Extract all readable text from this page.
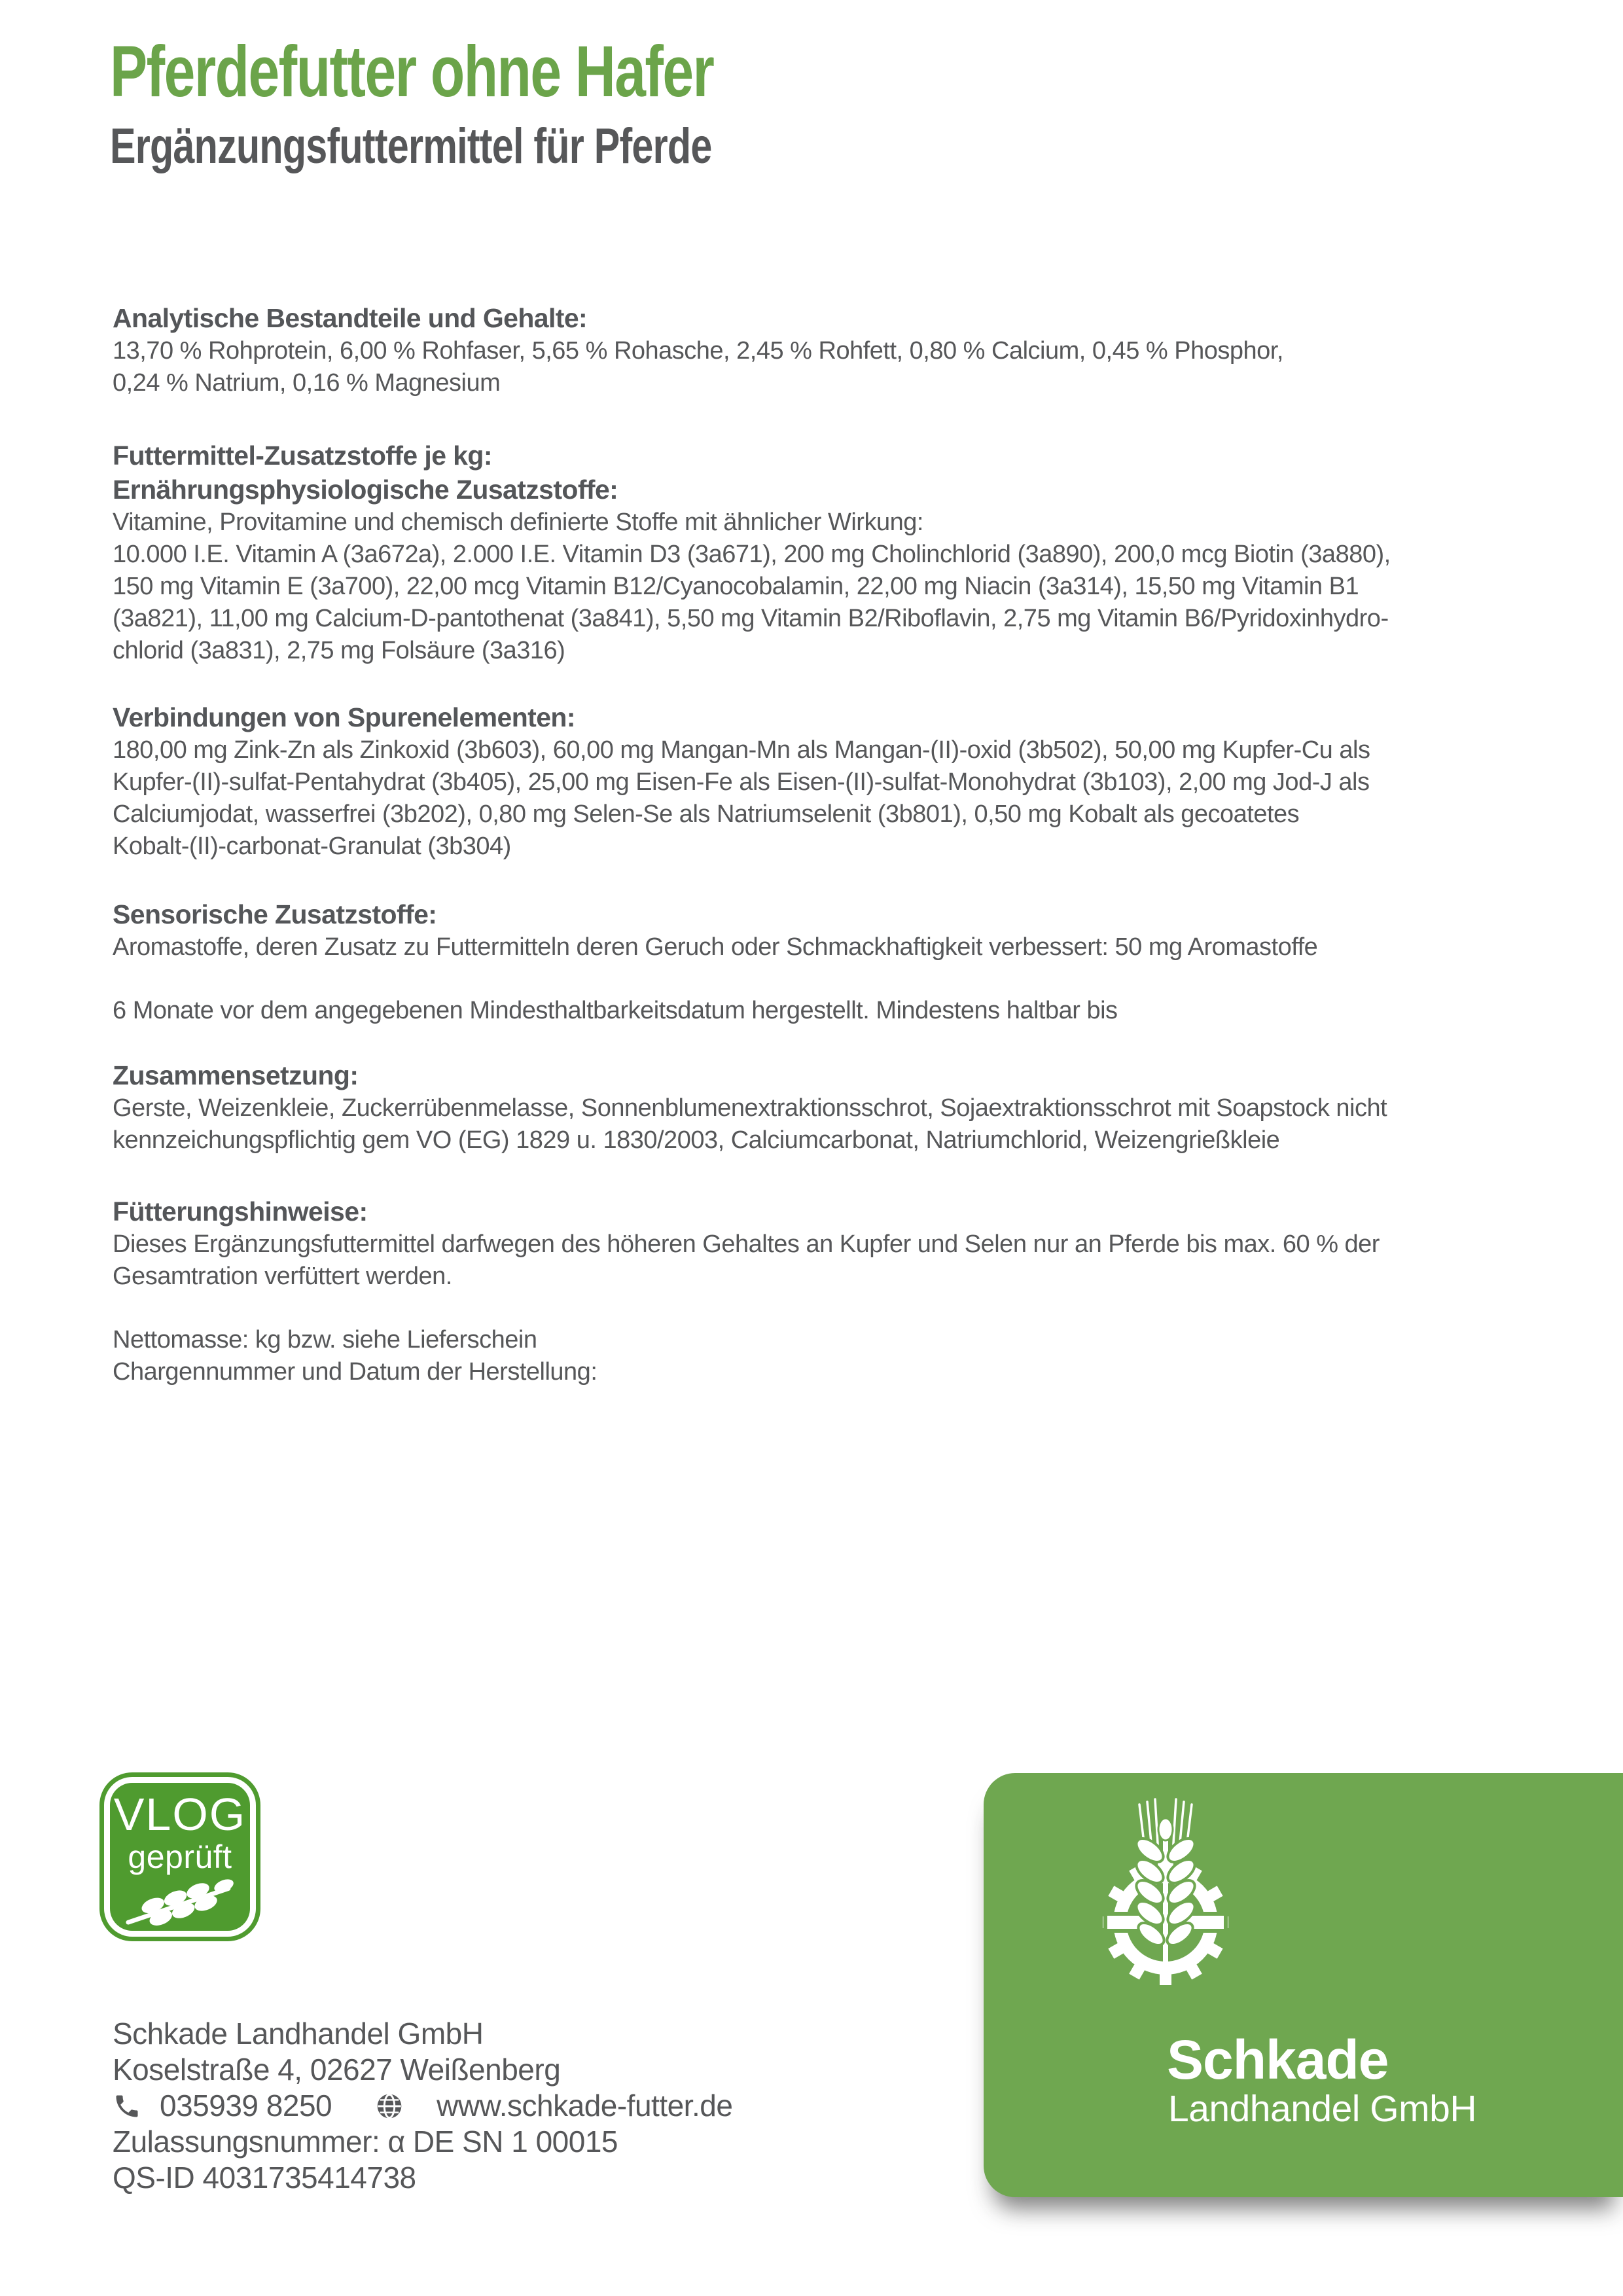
Pferdefutter ohne Hafer
Ergänzungsfuttermittel für Pferde
Analytische Bestandteile und Gehalte:
13,70 % Rohprotein, 6,00 % Rohfaser, 5,65 % Rohasche, 2,45 % Rohfett, 0,80 % Calcium, 0,45 % Phosphor,
0,24 % Natrium, 0,16 % Magnesium
Futtermittel-Zusatzstoffe je kg:
Ernährungsphysiologische Zusatzstoffe:
Vitamine, Provitamine und chemisch definierte Stoffe mit ähnlicher Wirkung:
10.000 I.E. Vitamin A (3a672a), 2.000 I.E. Vitamin D3 (3a671), 200 mg Cholinchlorid (3a890), 200,0 mcg Biotin (3a880),
150 mg Vitamin E (3a700), 22,00 mcg Vitamin B12/Cyanocobalamin, 22,00 mg Niacin (3a314), 15,50 mg Vitamin B1
(3a821), 11,00 mg Calcium-D-pantothenat (3a841), 5,50 mg Vitamin B2/Riboflavin, 2,75 mg Vitamin B6/Pyridoxinhydro-
chlorid (3a831), 2,75 mg Folsäure (3a316)
Verbindungen von Spurenelementen:
180,00 mg Zink-Zn als Zinkoxid (3b603), 60,00 mg Mangan-Mn als Mangan-(II)-oxid (3b502), 50,00 mg Kupfer-Cu als
Kupfer-(II)-sulfat-Pentahydrat (3b405), 25,00 mg Eisen-Fe als Eisen-(II)-sulfat-Monohydrat (3b103), 2,00 mg Jod-J als
Calciumjodat, wasserfrei (3b202), 0,80 mg Selen-Se als Natriumselenit (3b801), 0,50 mg Kobalt als gecoatetes
Kobalt-(II)-carbonat-Granulat (3b304)
Sensorische Zusatzstoffe:
Aromastoffe, deren Zusatz zu Futtermitteln deren Geruch oder Schmackhaftigkeit verbessert: 50 mg Aromastoffe
6 Monate vor dem angegebenen Mindesthaltbarkeitsdatum hergestellt. Mindestens haltbar bis
Zusammensetzung:
Gerste, Weizenkleie, Zuckerrübenmelasse, Sonnenblumenextraktionsschrot, Sojaextraktionsschrot mit Soapstock nicht
kennzeichungspflichtig gem VO (EG) 1829 u. 1830/2003, Calciumcarbonat, Natriumchlorid, Weizengrießkleie
Fütterungshinweise:
Dieses Ergänzungsfuttermittel darfwegen des höheren Gehaltes an Kupfer und Selen nur an Pferde bis max. 60 % der
Gesamtration verfüttert werden.
Nettomasse: kg bzw. siehe Lieferschein
Chargennummer und Datum der Herstellung:
VLOG
geprüft
Schkade
Landhandel GmbH
Schkade Landhandel GmbH
Koselstraße 4, 02627 Weißenberg
035939 8250	www.schkade-futter.de
Zulassungsnummer: α DE SN 1 00015
QS-ID 4031735414738
